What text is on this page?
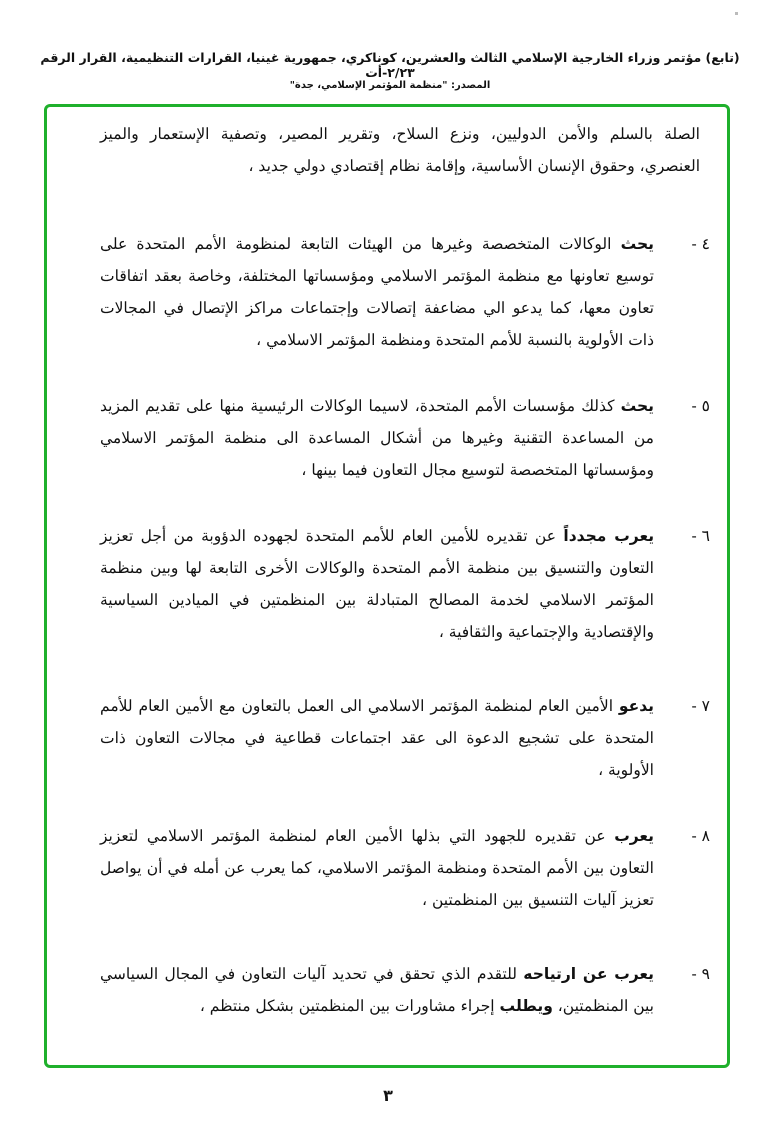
(تابع) مؤتمر وزراء الخارجية الإسلامي الثالث والعشرين، كوناكري، جمهورية غينيا، القرارات التنظيمية، القرار الرقم ٢/٢٣-أت
المصدر: "منظمة المؤتمر الإسلامي، جدة"
الصلة بالسلم والأمن الدوليين، ونزع السلاح، وتقرير المصير، وتصفية الإستعمار والميز العنصري، وحقوق الإنسان الأساسية، وإقامة نظام إقتصادي دولي جديد ،
٤ -
يحث الوكالات المتخصصة وغيرها من الهيئات التابعة لمنظومة الأمم المتحدة على توسيع تعاونها مع منظمة المؤتمر الاسلامي ومؤسساتها المختلفة، وخاصة بعقد اتفاقات تعاون معها، كما يدعو الي مضاعفة إتصالات وإجتماعات مراكز الإتصال في المجالات ذات الأولوية بالنسبة للأمم المتحدة ومنظمة المؤتمر الاسلامي ،
٥ -
يحث كذلك مؤسسات الأمم المتحدة، لاسيما الوكالات الرئيسية منها على تقديم المزيد من المساعدة التقنية وغيرها من أشكال المساعدة الى منظمة المؤتمر الاسلامي ومؤسساتها المتخصصة لتوسيع مجال التعاون فيما بينها ،
٦ -
يعرب مجدداً عن تقديره للأمين العام للأمم المتحدة لجهوده الدؤوبة من أجل تعزيز التعاون والتنسيق بين منظمة الأمم المتحدة والوكالات الأخرى التابعة لها وبين منظمة المؤتمر الاسلامي لخدمة المصالح المتبادلة بين المنظمتين في الميادين السياسية والإقتصادية والإجتماعية والثقافية ،
٧ -
يدعو الأمين العام لمنظمة المؤتمر الاسلامي الى العمل بالتعاون مع الأمين العام للأمم المتحدة على تشجيع الدعوة الى عقد اجتماعات قطاعية في مجالات التعاون ذات الأولوية ،
٨ -
يعرب عن تقديره للجهود التي بذلها الأمين العام لمنظمة المؤتمر الاسلامي لتعزيز التعاون بين الأمم المتحدة ومنظمة المؤتمر الاسلامي، كما يعرب عن أمله في أن يواصل تعزيز آليات التنسيق بين المنظمتين ،
٩ -
يعرب عن ارتياحه للتقدم الذي تحقق في تحديد آليات التعاون في المجال السياسي بين المنظمتين، ويطلب إجراء مشاورات بين المنظمتين بشكل منتظم ،
٣
